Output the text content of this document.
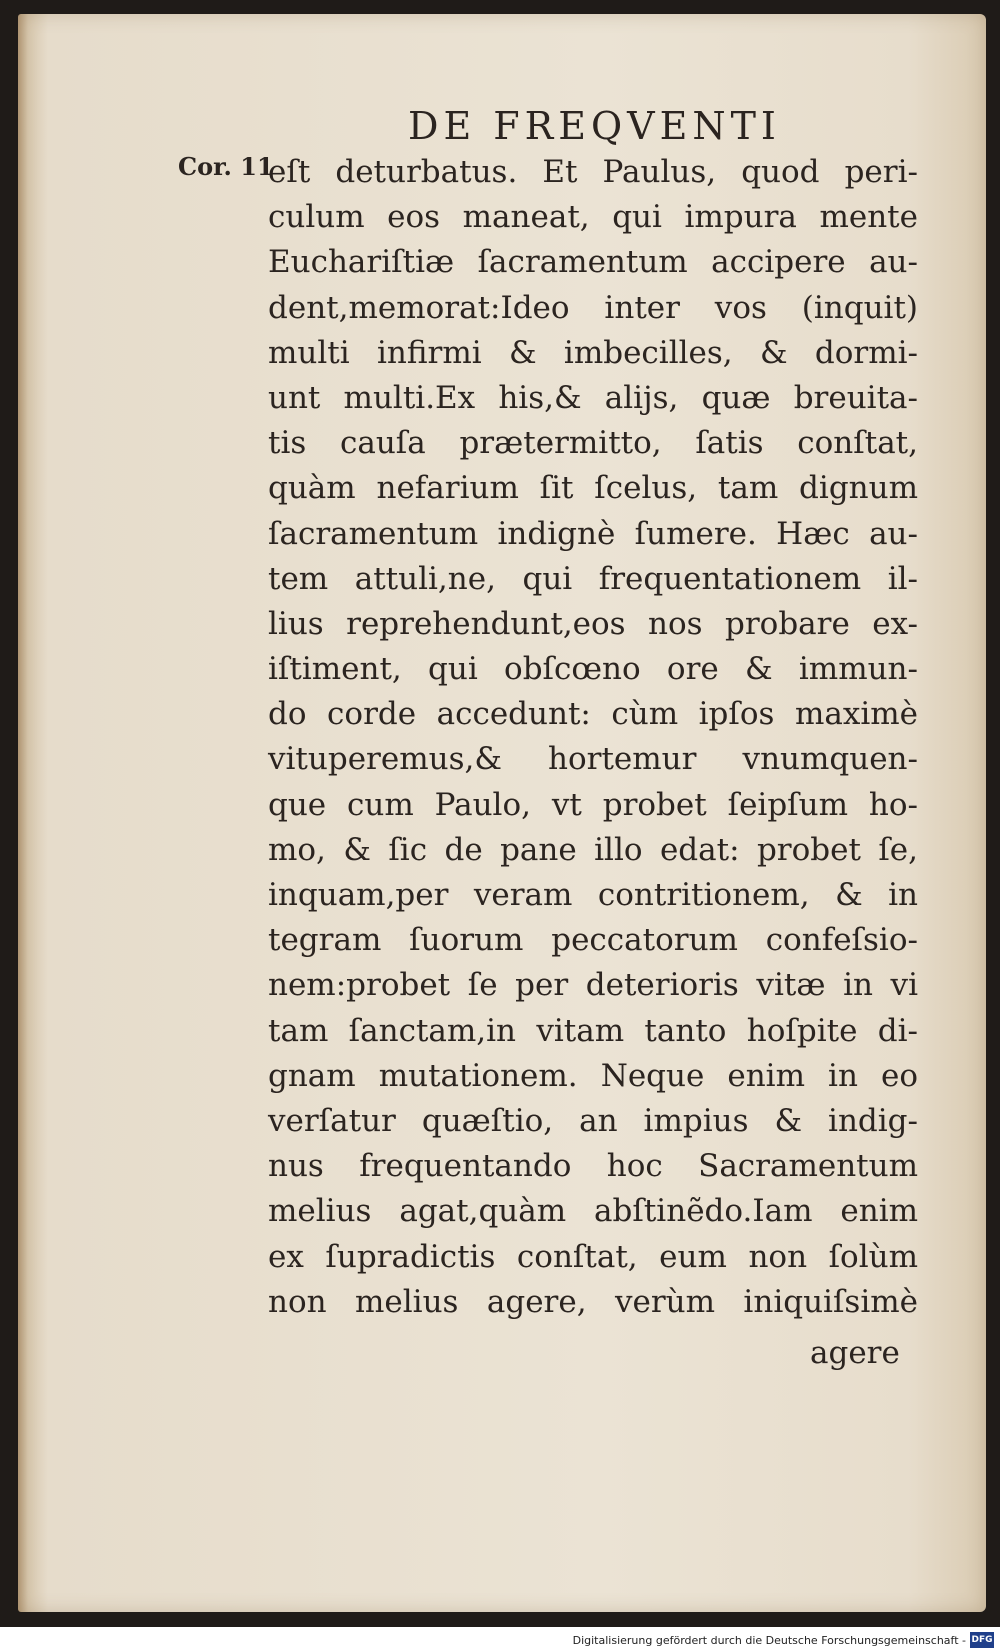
DE FREQVENTI
Cor. 11
eſt deturbatus. Et Paulus, quod peri-
culum eos maneat, qui impura mente
Euchariſtiæ ſacramentum accipere au-
dent,memorat:Ideo inter vos (inquit)
multi infirmi & imbecilles, & dormi-
unt multi.Ex his,& alijs, quæ breuita-
tis cauſa prætermitto, ſatis conſtat,
quàm nefarium ſit ſcelus, tam dignum
ſacramentum indignè ſumere. Hæc au-
tem attuli,ne, qui frequentationem il-
lius reprehendunt,eos nos probare ex-
iſtiment, qui obſcœno ore & immun-
do corde accedunt: cùm ipſos maximè
vituperemus,& hortemur vnumquen-
que cum Paulo, vt probet ſeipſum ho-
mo, & ſic de pane illo edat: probet ſe,
inquam,per veram contritionem, & in
tegram ſuorum peccatorum confeſsio-
nem:probet ſe per deterioris vitæ in vi
tam ſanctam,in vitam tanto hoſpite di-
gnam mutationem. Neque enim in eo
verſatur quæſtio, an impius & indig-
nus frequentando hoc Sacramentum
melius agat,quàm abſtinẽdo.Iam enim
ex ſupradictis conſtat, eum non ſolùm
non melius agere, verùm iniquiſsimè
agere
Digitalisierung gefördert durch die Deutsche Forschungsgemeinschaft - DFG
